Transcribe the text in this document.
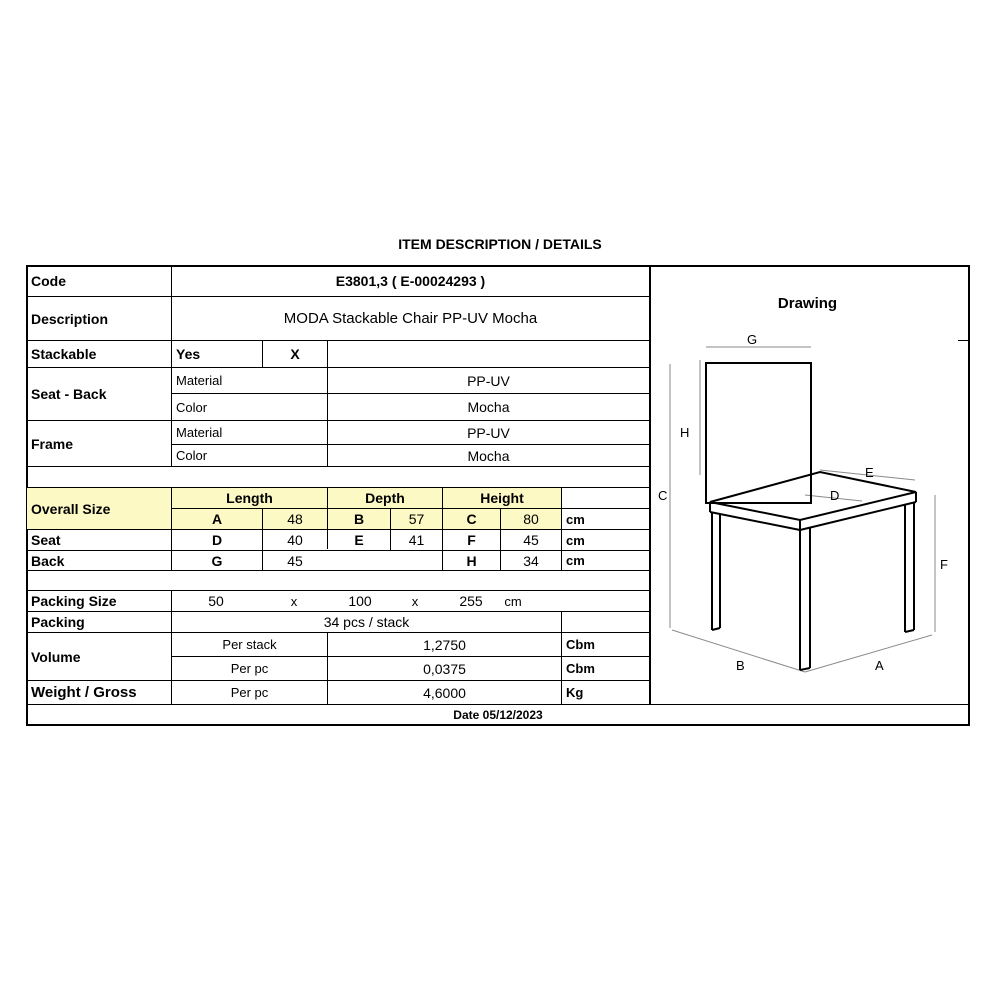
ITEM DESCRIPTION / DETAILS
Code	E3801,3 ( E-00024293 )
Description	MODA Stackable Chair PP-UV Mocha
Stackable	Yes	X
Seat - Back
Material	PP-UV
Color	Mocha
Frame
Material	PP-UV
Color	Mocha
Overall Size
Length	Depth	Height
A	48	B	57	C	80	cm
Seat	D	40	E	41	F	45	cm
Back	G	45	H	34	cm
Packing Size	50	x	100	x	255	cm
Packing	34 pcs / stack
Volume
Per stack	1,2750	Cbm
Per pc	0,0375	Cbm
Weight / Gross	Per pc	4,6000	Kg
Date 05/12/2023
Drawing
G
H
E
D
C
F
B	A
